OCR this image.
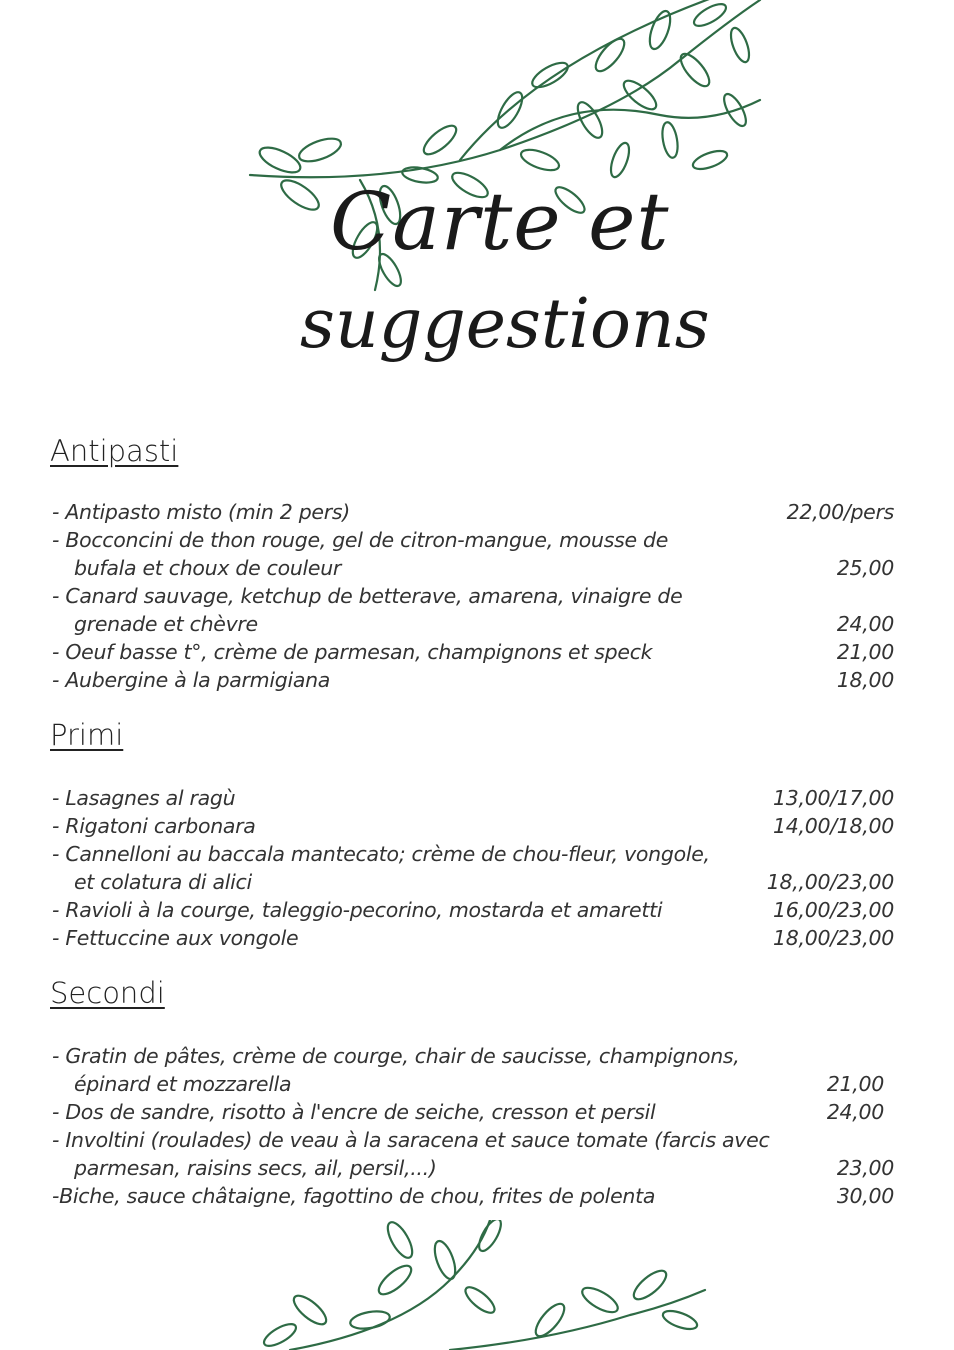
Carte et
suggestions
Antipasti
- Antipasto misto (min 2 pers)	22,00/pers
- Bocconcini de thon rouge, gel de citron-mangue, mousse de
bufala et choux de couleur	25,00
- Canard sauvage, ketchup de betterave, amarena, vinaigre de
grenade et chèvre	24,00
- Oeuf basse t°, crème de parmesan, champignons et speck	21,00
- Aubergine à la parmigiana	18,00
Primi
- Lasagnes al ragù	13,00/17,00
- Rigatoni carbonara	14,00/18,00
- Cannelloni au baccala mantecato; crème de chou-fleur, vongole,
et colatura di alici	18,,00/23,00
- Ravioli à la courge, taleggio-pecorino, mostarda et amaretti	16,00/23,00
- Fettuccine aux vongole	18,00/23,00
Secondi
- Gratin de pâtes, crème de courge, chair de saucisse, champignons,
épinard et mozzarella	21,00
- Dos de sandre, risotto à l'encre de seiche, cresson et persil	24,00
- Involtini (roulades) de veau à la saracena et sauce tomate (farcis avec
parmesan, raisins secs, ail, persil,...)	23,00
-Biche, sauce châtaigne, fagottino de chou, frites de polenta	30,00
